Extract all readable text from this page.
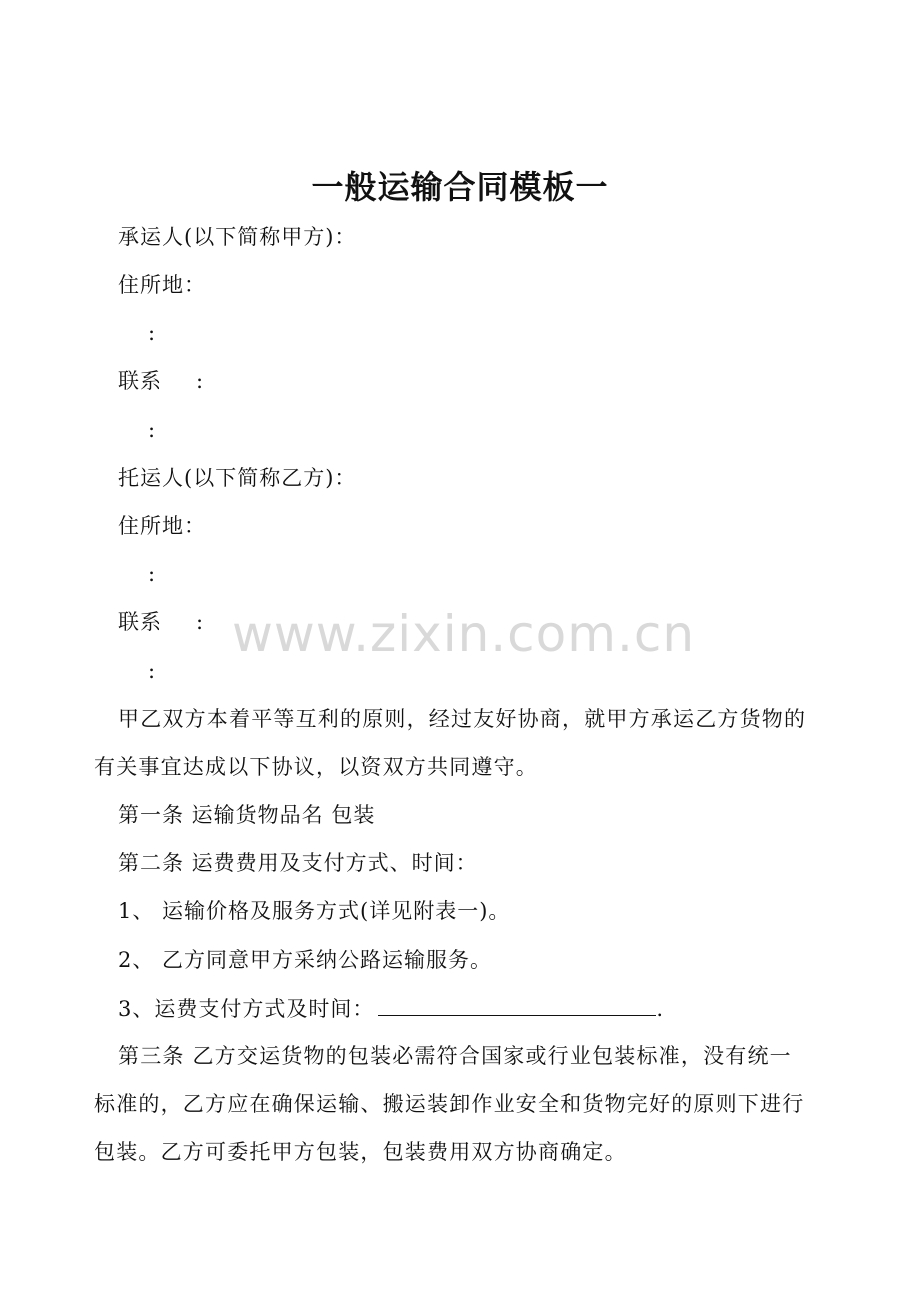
一般运输合同模板一
承运人(以下简称甲方)：
住所地：
:
联系 :
:
托运人(以下简称乙方)：
住所地：
:
联系 :
:
www.zixin.com.cn
甲乙双方本着平等互利的原则，经过友好协商，就甲方承运乙方货物的
有关事宜达成以下协议，以资双方共同遵守。
第一条 运输货物品名 包装
第二条 运费费用及支付方式、时间：
1、 运输价格及服务方式(详见附表一)。
2、 乙方同意甲方采纳公路运输服务。
3、运费支付方式及时间：	.
第三条 乙方交运货物的包装必需符合国家或行业包装标准，没有统一
标准的，乙方应在确保运输、搬运装卸作业安全和货物完好的原则下进行
包装。乙方可委托甲方包装，包装费用双方协商确定。
